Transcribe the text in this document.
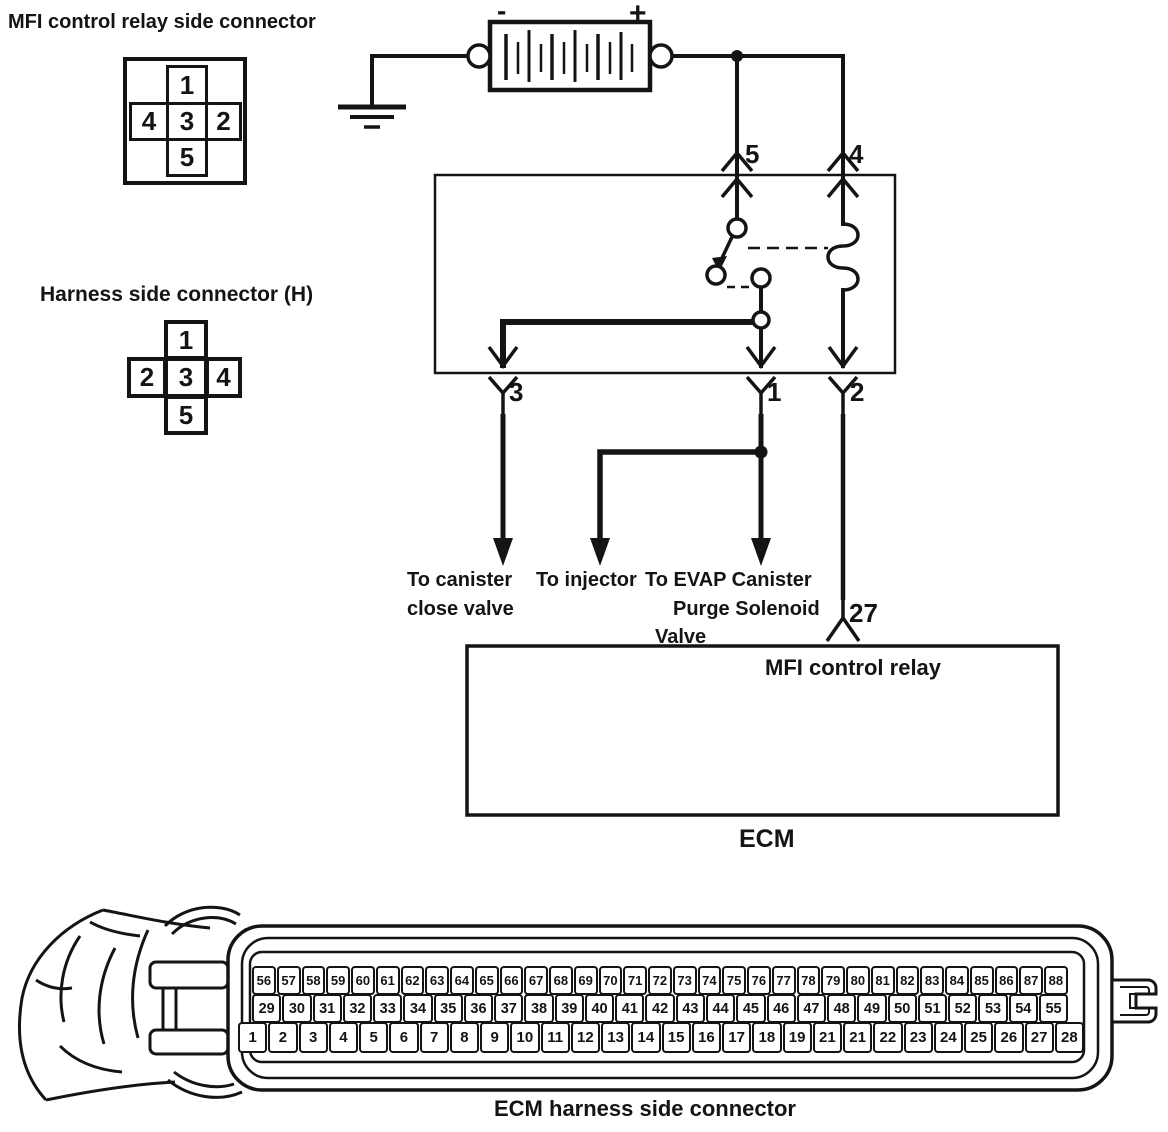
MFI control relay side connector
1
4 3 2
5
Harness side connector (H)
1
2 3 4
5
-	+
5	4
3	1	2
27
To canister
close valve
To injector To EVAP Canister
Purge Solenoid
Valve
MFI control relay
ECM
56 57 58 59 60 61 62 63 64 65 66 67 68 69 70 71 72 73 74 75 76 77 78 79 80 81 82 83 84 85 86 87 88
29 30 31 32 33 34 35 36 37 38 39 40 41 42 43 44 45 46 47 48 49 50 51 52 53 54 55
1	2	3	4	5	6	7	8	9	10 11 12 13 14 15 16 17 18 19 21 21 22 23 24 25 26 27 28
ECM harness side connector
